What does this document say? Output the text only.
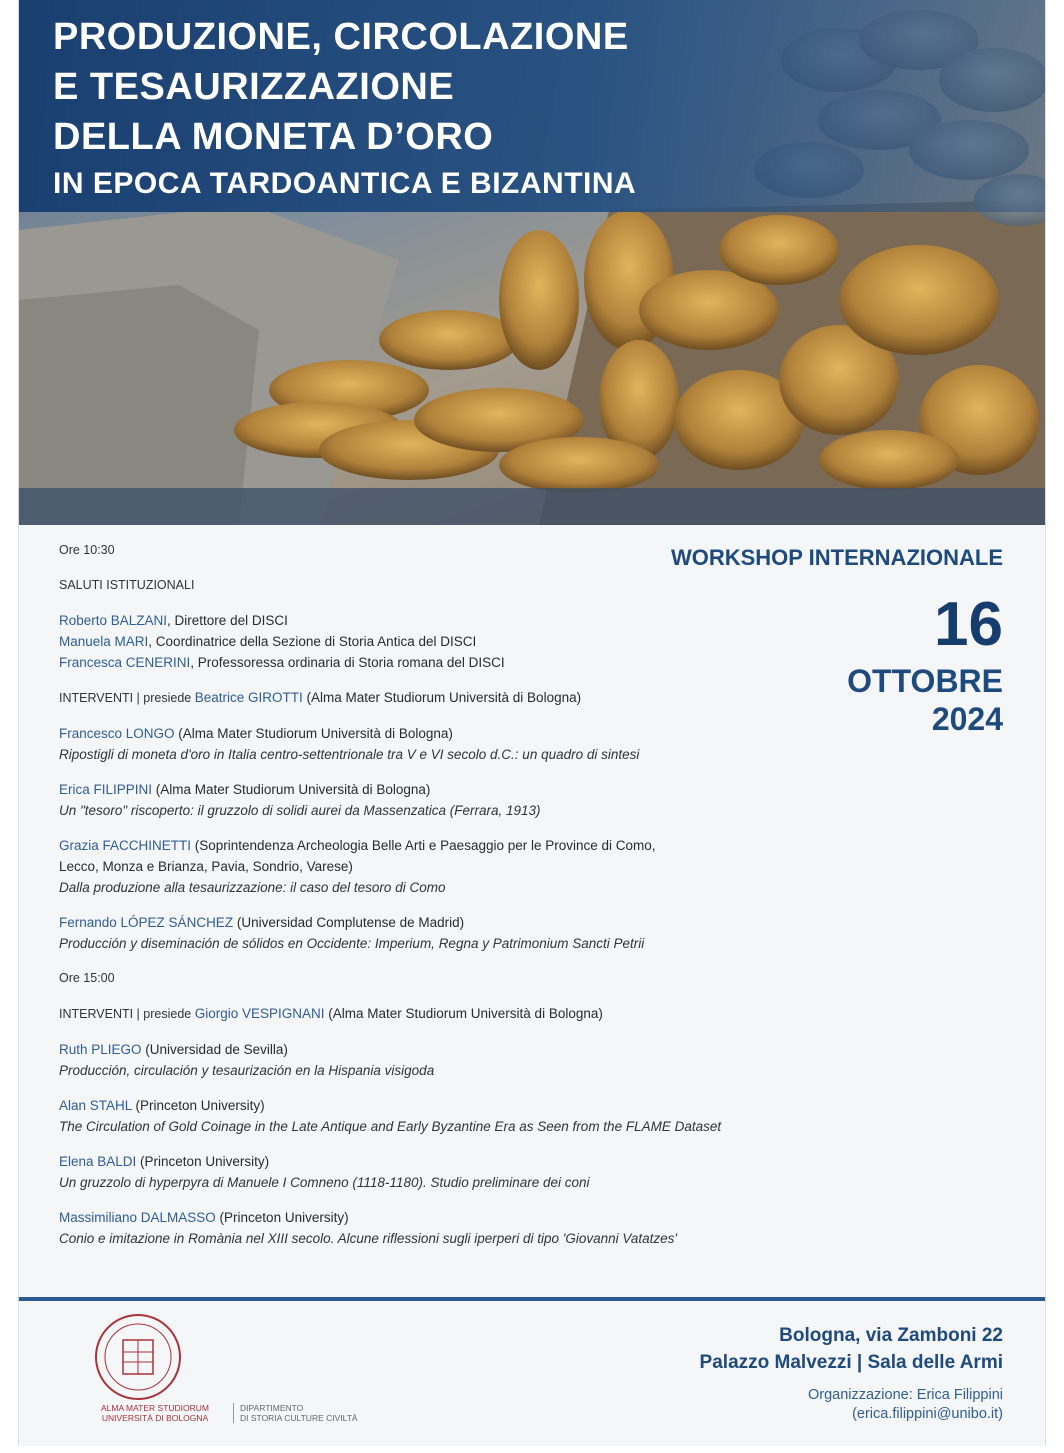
PRODUZIONE, CIRCOLAZIONE
E TESAURIZZAZIONE
DELLA MONETA D’ORO
IN EPOCA TARDOANTICA E BIZANTINA
Ore 10:30
SALUTI ISTITUZIONALI
Roberto BALZANI, Direttore del DISCI
Manuela MARI, Coordinatrice della Sezione di Storia Antica del DISCI
Francesca CENERINI, Professoressa ordinaria di Storia romana del DISCI
INTERVENTI | presiede Beatrice GIROTTI (Alma Mater Studiorum Università di Bologna)
Francesco LONGO (Alma Mater Studiorum Università di Bologna)
Ripostigli di moneta d'oro in Italia centro-settentrionale tra V e VI secolo d.C.: un quadro di sintesi
Erica FILIPPINI (Alma Mater Studiorum Università di Bologna)
Un "tesoro" riscoperto: il gruzzolo di solidi aurei da Massenzatica (Ferrara, 1913)
Grazia FACCHINETTI (Soprintendenza Archeologia Belle Arti e Paesaggio per le Province di Como,
Lecco, Monza e Brianza, Pavia, Sondrio, Varese)
Dalla produzione alla tesaurizzazione: il caso del tesoro di Como
Fernando LÓPEZ SÁNCHEZ (Universidad Complutense de Madrid)
Producción y diseminación de sólidos en Occidente: Imperium, Regna y Patrimonium Sancti Petrii
Ore 15:00
INTERVENTI | presiede Giorgio VESPIGNANI (Alma Mater Studiorum Università di Bologna)
Ruth PLIEGO (Universidad de Sevilla)
Producción, circulación y tesaurización en la Hispania visigoda
Alan STAHL (Princeton University)
The Circulation of Gold Coinage in the Late Antique and Early Byzantine Era as Seen from the FLAME Dataset
Elena BALDI (Princeton University)
Un gruzzolo di hyperpyra di Manuele I Comneno (1118-1180). Studio preliminare dei coni
Massimiliano DALMASSO (Princeton University)
Conio e imitazione in Romània nel XIII secolo. Alcune riflessioni sugli iperperi di tipo 'Giovanni Vatatzes'
WORKSHOP INTERNAZIONALE
16
OTTOBRE
2024
ALMA MATER STUDIORUM
UNIVERSITÀ DI BOLOGNA
DIPARTIMENTO
DI STORIA CULTURE CIVILTÀ
Bologna, via Zamboni 22
Palazzo Malvezzi | Sala delle Armi
Organizzazione: Erica Filippini
(erica.filippini@unibo.it)
